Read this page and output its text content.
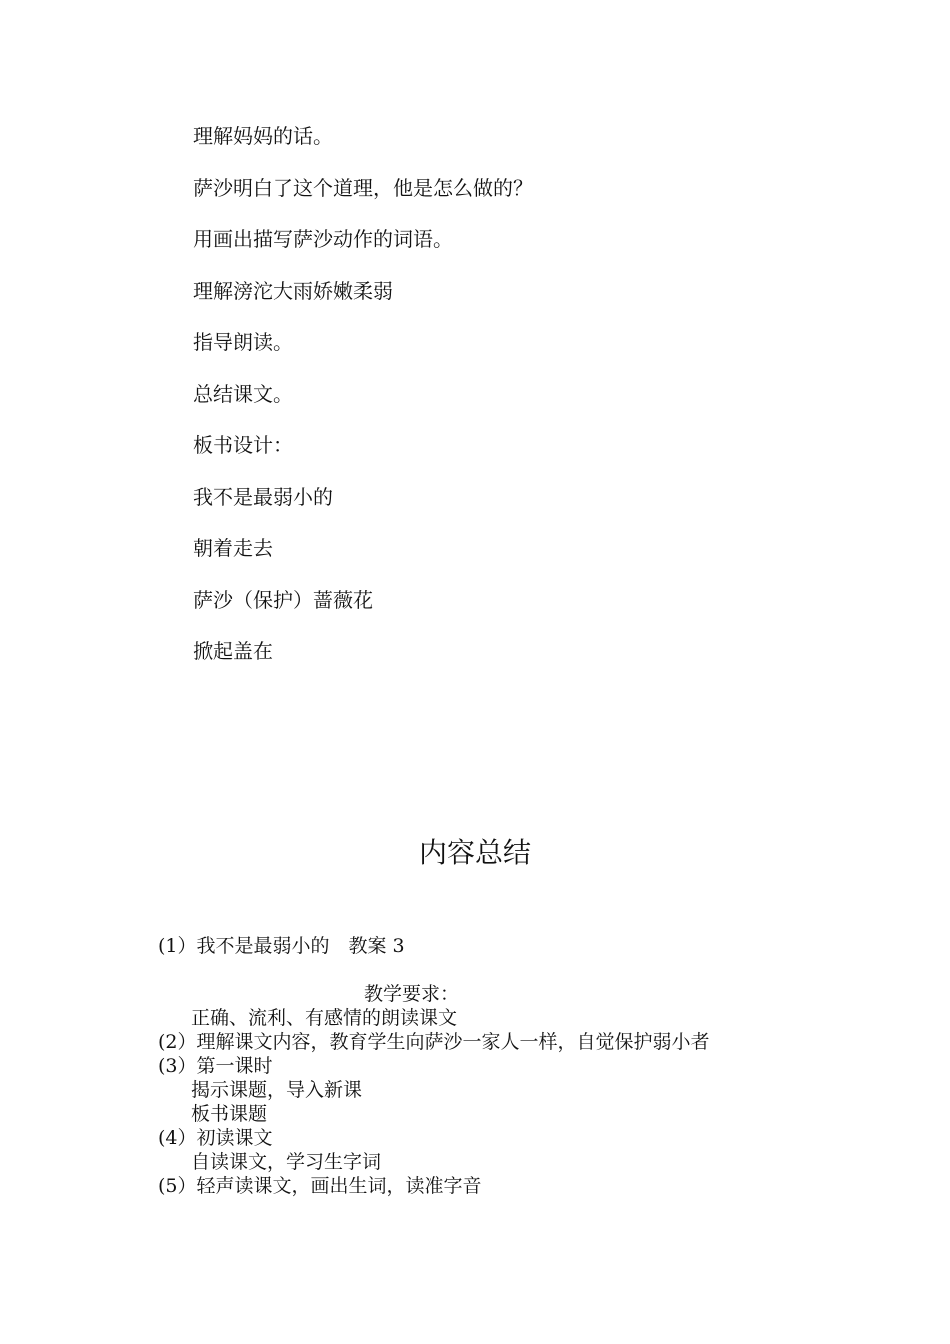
理解妈妈的话。
萨沙明白了这个道理，他是怎么做的？
用画出描写萨沙动作的词语。
理解滂沱大雨娇嫩柔弱
指导朗读。
总结课文。
板书设计：
我不是最弱小的
朝着走去
萨沙（保护）蔷薇花
掀起盖在
内容总结
(1）我不是最弱小的　教案 3
教学要求：
正确、流利、有感情的朗读课文
(2）理解课文内容，教育学生向萨沙一家人一样，自觉保护弱小者
(3）第一课时
揭示课题，导入新课
板书课题
(4）初读课文
自读课文，学习生字词
(5）轻声读课文，画出生词，读准字音
